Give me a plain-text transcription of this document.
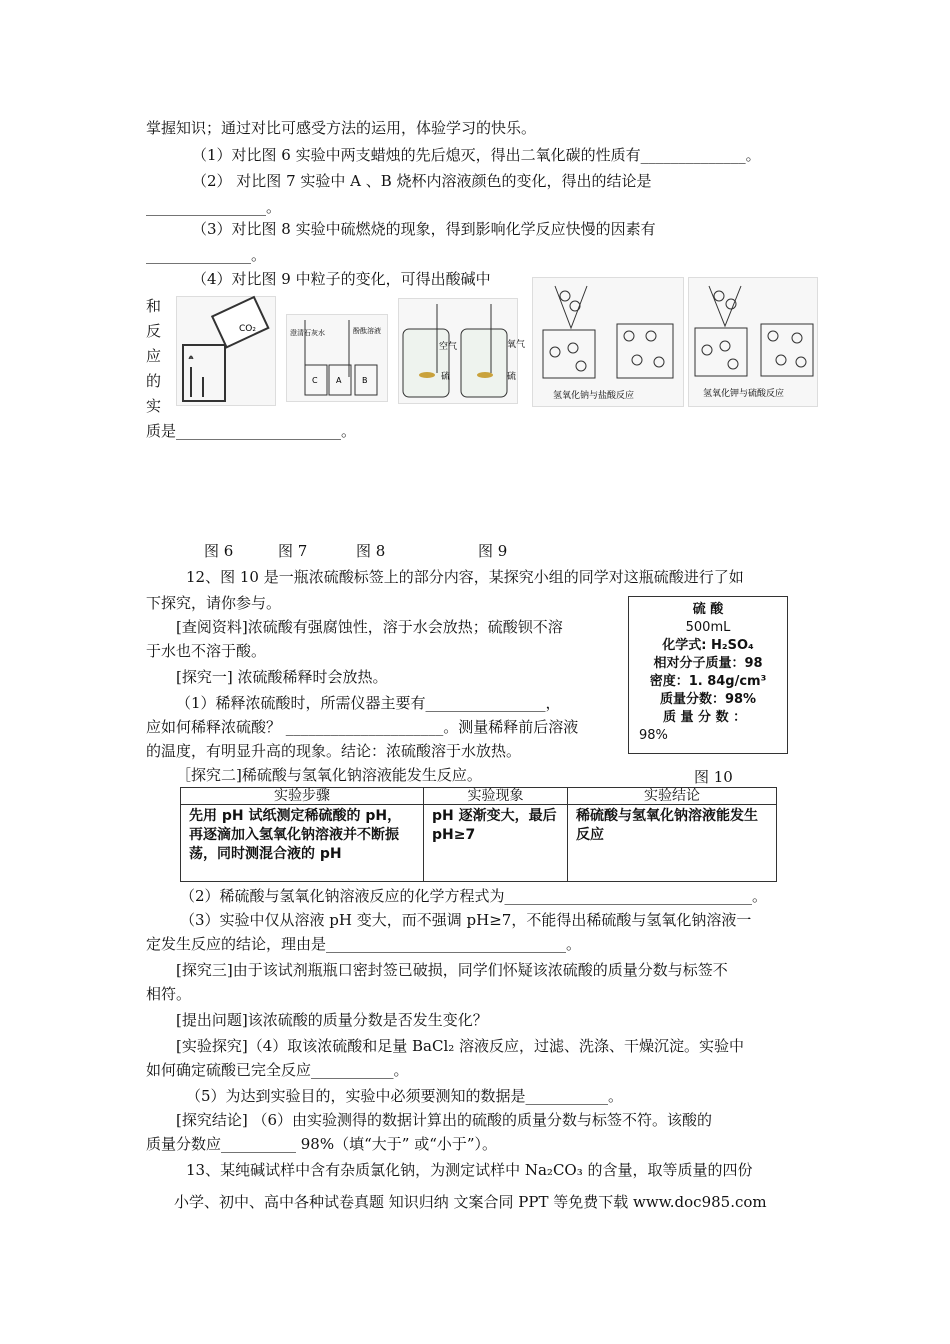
掌握知识；通过对比可感受方法的运用，体验学习的快乐。
（1）对比图 6 实验中两支蜡烛的先后熄灭，得出二氧化碳的性质有______________。
（2） 对比图 7 实验中 A 、B 烧杯内溶液颜色的变化，得出的结论是
________________。
（3）对比图 8 实验中硫燃烧的现象，得到影响化学反应快慢的因素有
______________。
（4）对比图 9 中粒子的变化，可得出酸碱中
和
反
应
的
实
质是______________________。
CO₂	澄清石灰水	酚酞溶液
C A	B
空气	氧气
硫	硫
氢氧化钠与盐酸反应	氢氧化钾与硫酸反应
图 6	图 7	图 8	图 9
12、图 10 是一瓶浓硫酸标签上的部分内容，某探究小组的同学对这瓶硫酸进行了如
下探究，请你参与。
[查阅资料]浓硫酸有强腐蚀性，溶于水会放热；硫酸钡不溶
于水也不溶于酸。
[探究一] 浓硫酸稀释时会放热。
（1）稀释浓硫酸时，所需仪器主要有________________，
应如何稀释浓硫酸？ _____________________。测量稀释前后溶液
的温度，有明显升高的现象。结论：浓硫酸溶于水放热。
［探究二]稀硫酸与氢氧化钠溶液能发生反应。	图 10
硫 酸
500mL
化学式: H₂SO₄
相对分子质量：98
密度：1. 84g/cm³
质量分数：98%
质 量 分 数 ：
98%
实验步骤	实验现象	实验结论
先用 pH 试纸测定稀硫酸的 pH，再逐滴加入氢氧化钠溶液并不断振荡，同时测混合液的 pH	pH 逐渐变大，最后 pH≥7	稀硫酸与氢氧化钠溶液能发生反应
（2）稀硫酸与氢氧化钠溶液反应的化学方程式为_________________________________。
（3）实验中仅从溶液 pH 变大，而不强调 pH≥7，不能得出稀硫酸与氢氧化钠溶液一
定发生反应的结论，理由是________________________________。
[探究三]由于该试剂瓶瓶口密封签已破损，同学们怀疑该浓硫酸的质量分数与标签不
相符。
[提出问题]该浓硫酸的质量分数是否发生变化？
[实验探究]（4）取该浓硫酸和足量 BaCl₂ 溶液反应，过滤、洗涤、干燥沉淀。实验中
如何确定硫酸已完全反应___________。
（5）为达到实验目的，实验中必须要测知的数据是___________。
[探究结论] （6）由实验测得的数据计算出的硫酸的质量分数与标签不符。该酸的
质量分数应__________ 98%（填“大于” 或“小于”）。
13、某纯碱试样中含有杂质氯化钠，为测定试样中 Na₂CO₃ 的含量，取等质量的四份
小学、初中、高中各种试卷真题 知识归纳 文案合同 PPT 等免费下载 www.doc985.com
